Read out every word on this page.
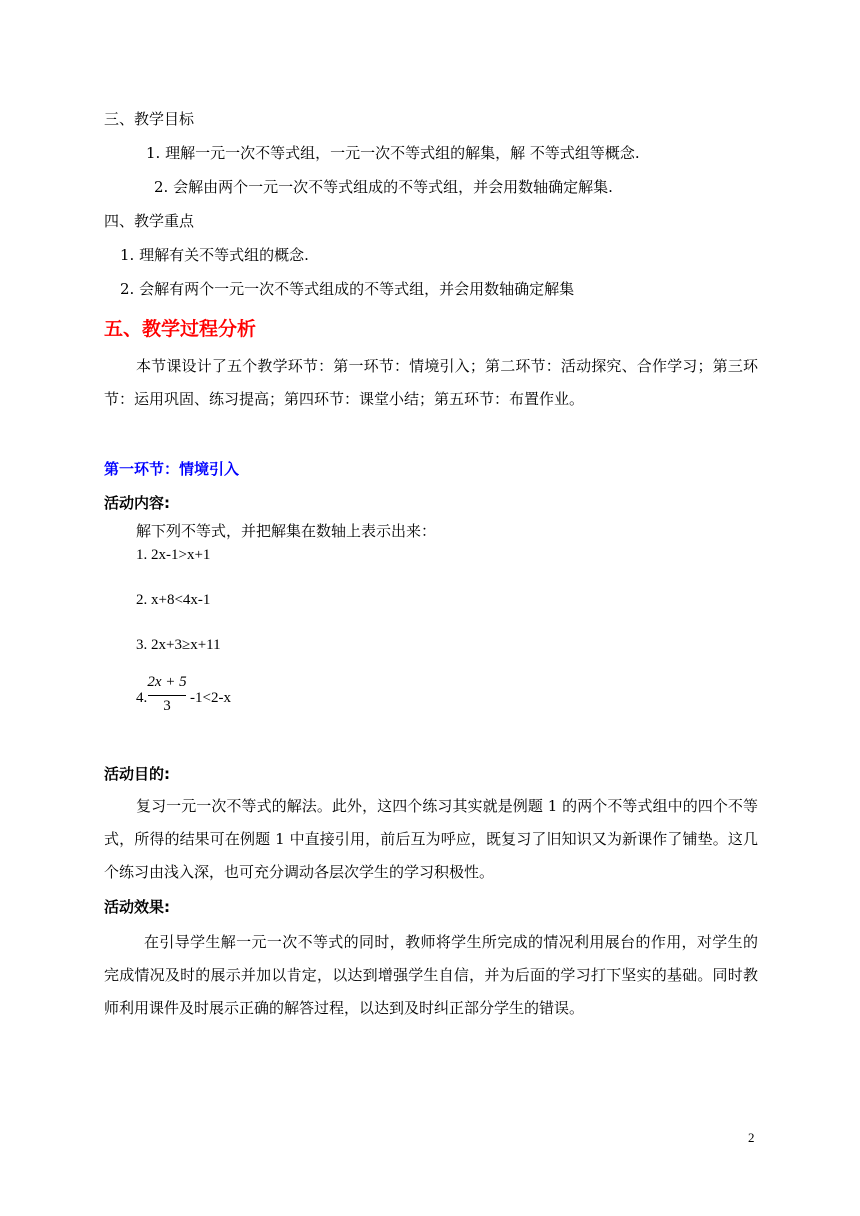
三、教学目标
1. 理解一元一次不等式组，一元一次不等式组的解集，解 不等式组等概念.
2. 会解由两个一元一次不等式组成的不等式组，并会用数轴确定解集.
四、教学重点
1. 理解有关不等式组的概念.
2. 会解有两个一元一次不等式组成的不等式组，并会用数轴确定解集
五、教学过程分析
本节课设计了五个教学环节：第一环节：情境引入；第二环节：活动探究、合作学习；第三环节：运用巩固、练习提高；第四环节：课堂小结；第五环节：布置作业。
第一环节：情境引入
活动内容:
解下列不等式，并把解集在数轴上表示出来：
1. 2x-1>x+1
2. x+8<4x-1
3. 2x+3≥x+11
4.
2x + 5
3	-1<2-x
活动目的:
复习一元一次不等式的解法。此外，这四个练习其实就是例题 1 的两个不等式组中的四个不等式，所得的结果可在例题 1 中直接引用，前后互为呼应，既复习了旧知识又为新课作了铺垫。这几个练习由浅入深，也可充分调动各层次学生的学习积极性。
活动效果:
在引导学生解一元一次不等式的同时，教师将学生所完成的情况利用展台的作用，对学生的完成情况及时的展示并加以肯定，以达到增强学生自信，并为后面的学习打下坚实的基础。同时教师利用课件及时展示正确的解答过程，以达到及时纠正部分学生的错误。
2
